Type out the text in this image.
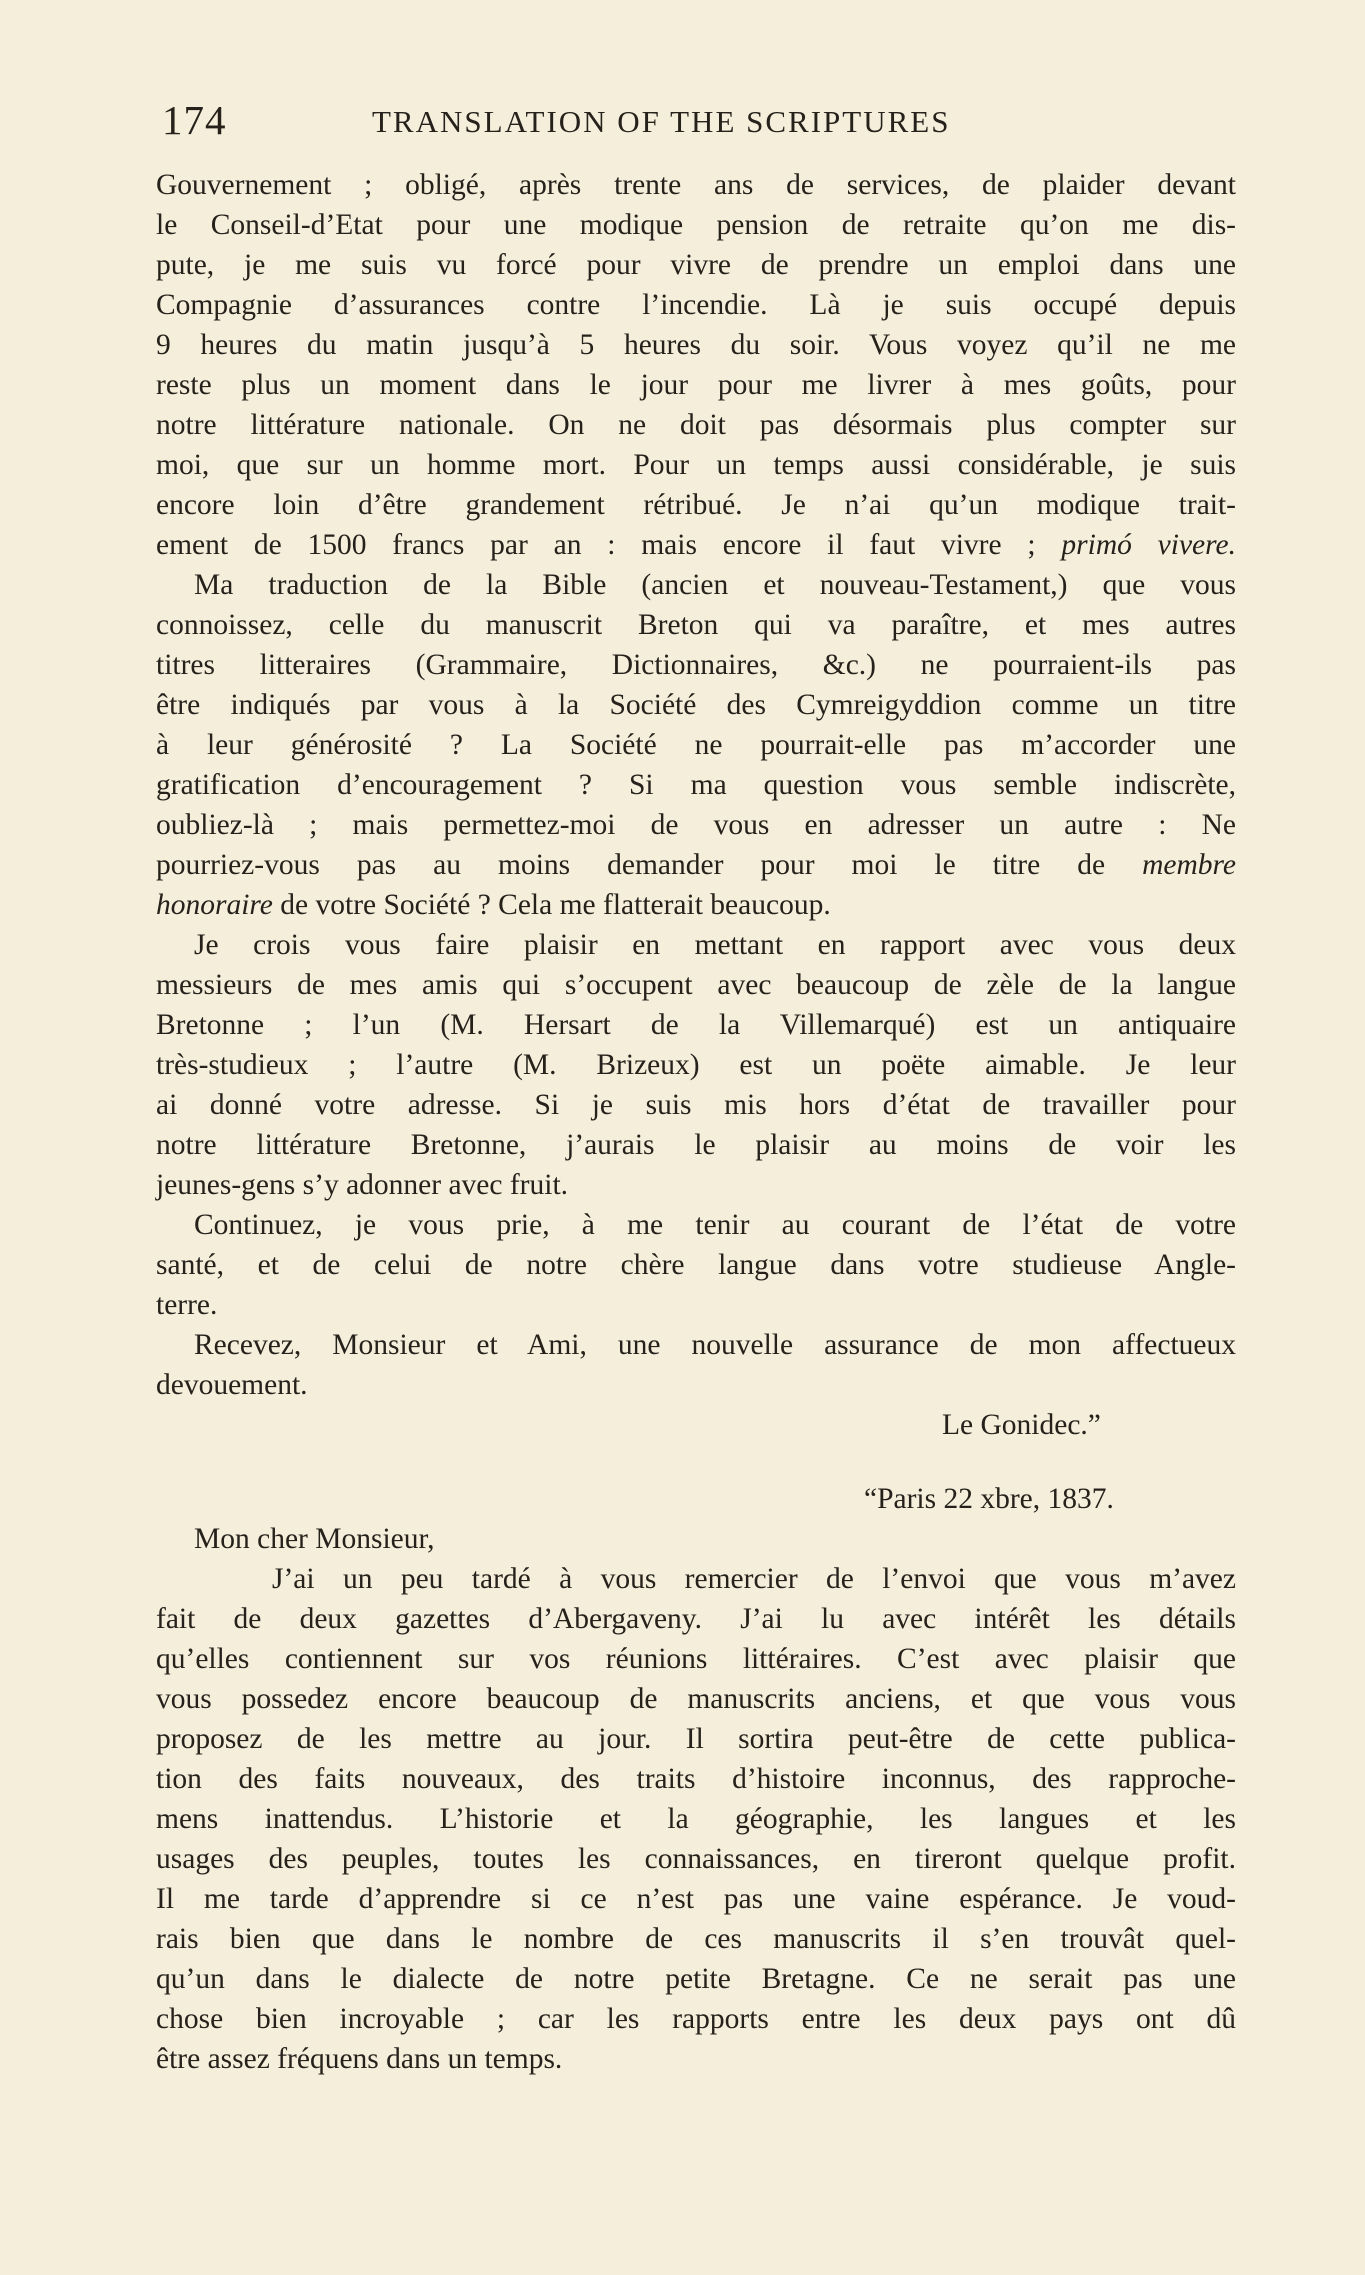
174	TRANSLATION OF THE SCRIPTURES
Gouvernement ; obligé, après trente ans de services, de plaider devant
le Conseil-d’Etat pour une modique pension de retraite qu’on me dis-
pute, je me suis vu forcé pour vivre de prendre un emploi dans une
Compagnie d’assurances contre l’incendie. Là je suis occupé depuis
9 heures du matin jusqu’à 5 heures du soir. Vous voyez qu’il ne me
reste plus un moment dans le jour pour me livrer à mes goûts, pour
notre littérature nationale. On ne doit pas désormais plus compter sur
moi, que sur un homme mort. Pour un temps aussi considérable, je suis
encore loin d’être grandement rétribué. Je n’ai qu’un modique trait-
ement de 1500 francs par an : mais encore il faut vivre ; primó vivere.
Ma traduction de la Bible (ancien et nouveau-Testament,) que vous
connoissez, celle du manuscrit Breton qui va paraître, et mes autres
titres litteraires (Grammaire, Dictionnaires, &c.) ne pourraient-ils pas
être indiqués par vous à la Société des Cymreigyddion comme un titre
à leur générosité ? La Société ne pourrait-elle pas m’accorder une
gratification d’encouragement ? Si ma question vous semble indiscrète,
oubliez-là ; mais permettez-moi de vous en adresser un autre : Ne
pourriez-vous pas au moins demander pour moi le titre de membre
honoraire de votre Société ? Cela me flatterait beaucoup.
Je crois vous faire plaisir en mettant en rapport avec vous deux
messieurs de mes amis qui s’occupent avec beaucoup de zèle de la langue
Bretonne ; l’un (M. Hersart de la Villemarqué) est un antiquaire
très-studieux ; l’autre (M. Brizeux) est un poëte aimable. Je leur
ai donné votre adresse. Si je suis mis hors d’état de travailler pour
notre littérature Bretonne, j’aurais le plaisir au moins de voir les
jeunes-gens s’y adonner avec fruit.
Continuez, je vous prie, à me tenir au courant de l’état de votre
santé, et de celui de notre chère langue dans votre studieuse Angle-
terre.
Recevez, Monsieur et Ami, une nouvelle assurance de mon affectueux
devouement.
Le Gonidec.”
“Paris 22 xbre, 1837.
Mon cher Monsieur,
J’ai un peu tardé à vous remercier de l’envoi que vous m’avez
fait de deux gazettes d’Abergaveny. J’ai lu avec intérêt les détails
qu’elles contiennent sur vos réunions littéraires. C’est avec plaisir que
vous possedez encore beaucoup de manuscrits anciens, et que vous vous
proposez de les mettre au jour. Il sortira peut-être de cette publica-
tion des faits nouveaux, des traits d’histoire inconnus, des rapproche-
mens inattendus. L’historie et la géographie, les langues et les
usages des peuples, toutes les connaissances, en tireront quelque profit.
Il me tarde d’apprendre si ce n’est pas une vaine espérance. Je voud-
rais bien que dans le nombre de ces manuscrits il s’en trouvât quel-
qu’un dans le dialecte de notre petite Bretagne. Ce ne serait pas une
chose bien incroyable ; car les rapports entre les deux pays ont dû
être assez fréquens dans un temps.
